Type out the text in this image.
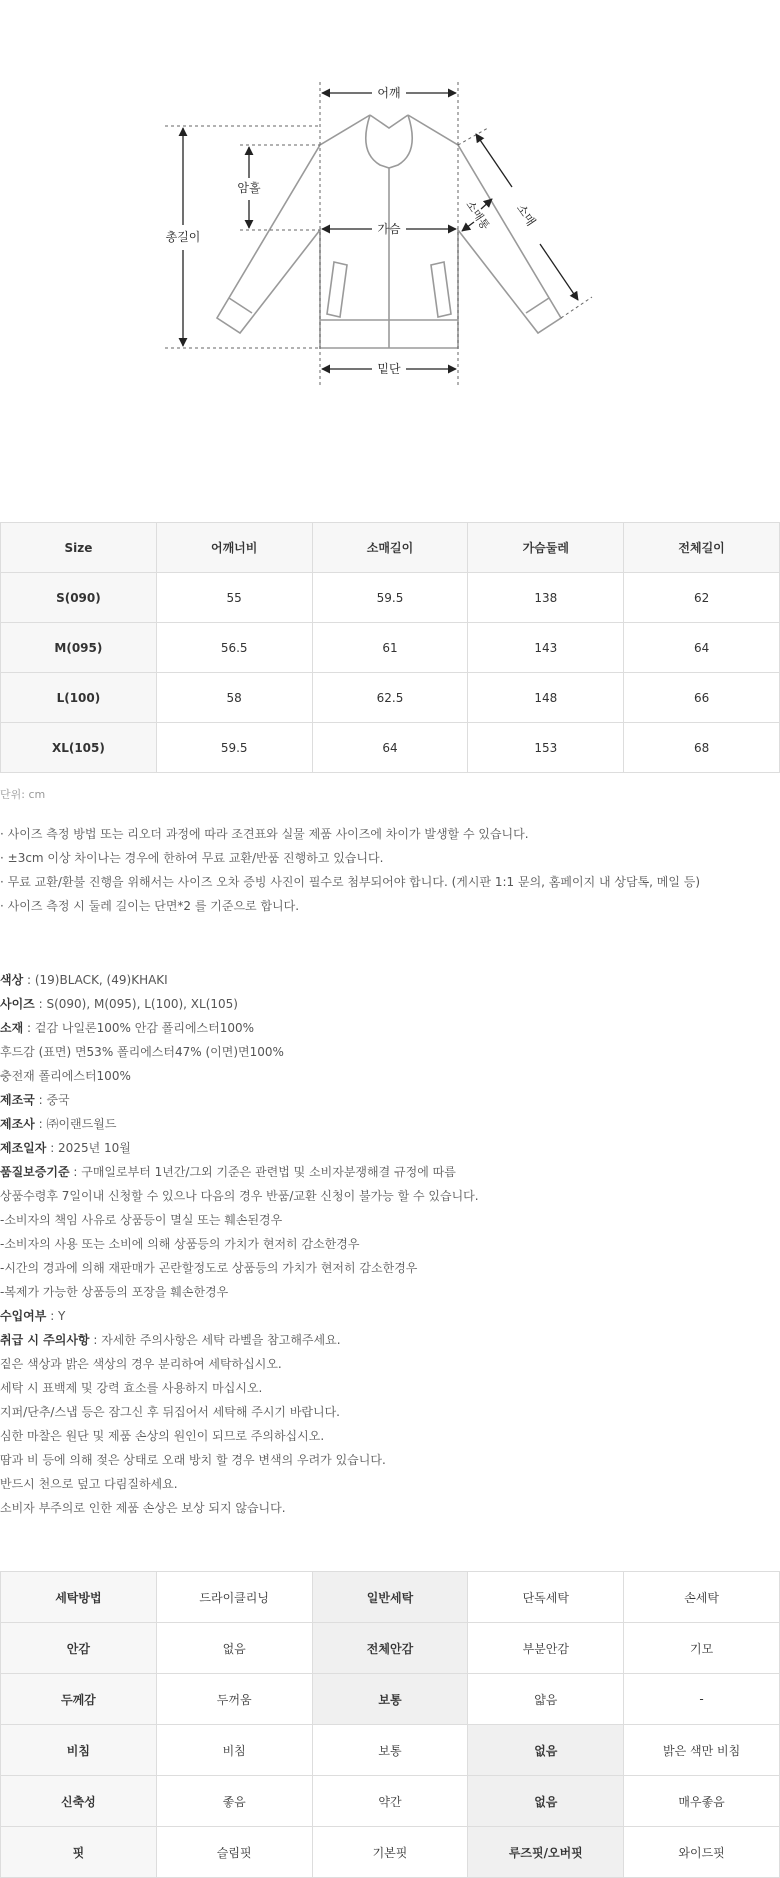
어깨
총길이
암홀
가슴
밑단
소매
소매통
Size	어깨너비	소매길이	가슴둘레	전체길이
S(090)	55	59.5	138	62
M(095)	56.5	61	143	64
L(100)	58	62.5	148	66
XL(105)	59.5	64	153	68
단위: cm
· 사이즈 측정 방법 또는 리오더 과정에 따라 조견표와 실물 제품 사이즈에 차이가 발생할 수 있습니다.
· ±3cm 이상 차이나는 경우에 한하여 무료 교환/반품 진행하고 있습니다.
· 무료 교환/환불 진행을 위해서는 사이즈 오차 증빙 사진이 필수로 첨부되어야 합니다. (게시판 1:1 문의, 홈페이지 내 상담톡, 메일 등)
· 사이즈 측정 시 둘레 길이는 단면*2 를 기준으로 합니다.
색상 : (19)BLACK, (49)KHAKI
사이즈 : S(090), M(095), L(100), XL(105)
소재 : 겉감 나일론100% 안감 폴리에스터100%
후드감 (표면) 면53% 폴리에스터47% (이면)면100%
충전재 폴리에스터100%
제조국 : 중국
제조사 : ㈜이랜드월드
제조일자 : 2025년 10월
품질보증기준 : 구매일로부터 1년간/그외 기준은 관련법 및 소비자분쟁해결 규정에 따름
상품수령후 7일이내 신청할 수 있으나 다음의 경우 반품/교환 신청이 불가능 할 수 있습니다.
-소비자의 책임 사유로 상품등이 멸실 또는 훼손된경우
-소비자의 사용 또는 소비에 의해 상품등의 가치가 현저히 감소한경우
-시간의 경과에 의해 재판매가 곤란할정도로 상품등의 가치가 현저히 감소한경우
-복제가 가능한 상품등의 포장을 훼손한경우
수입여부 : Y
취급 시 주의사항 : 자세한 주의사항은 세탁 라벨을 참고해주세요.
짙은 색상과 밝은 색상의 경우 분리하여 세탁하십시오.
세탁 시 표백제 및 강력 효소를 사용하지 마십시오.
지퍼/단추/스냅 등은 잠그신 후 뒤집어서 세탁해 주시기 바랍니다.
심한 마찰은 원단 및 제품 손상의 원인이 되므로 주의하십시오.
땀과 비 등에 의해 젖은 상태로 오래 방치 할 경우 변색의 우려가 있습니다.
반드시 천으로 덮고 다림질하세요.
소비자 부주의로 인한 제품 손상은 보상 되지 않습니다.
세탁방법	드라이클리닝	일반세탁	단독세탁	손세탁
안감	없음	전체안감	부분안감	기모
두께감	두꺼움	보통	얇음	-
비침	비침	보통	없음	밝은 색만 비침
신축성	좋음	약간	없음	매우좋음
핏	슬림핏	기본핏	루즈핏/오버핏	와이드핏
